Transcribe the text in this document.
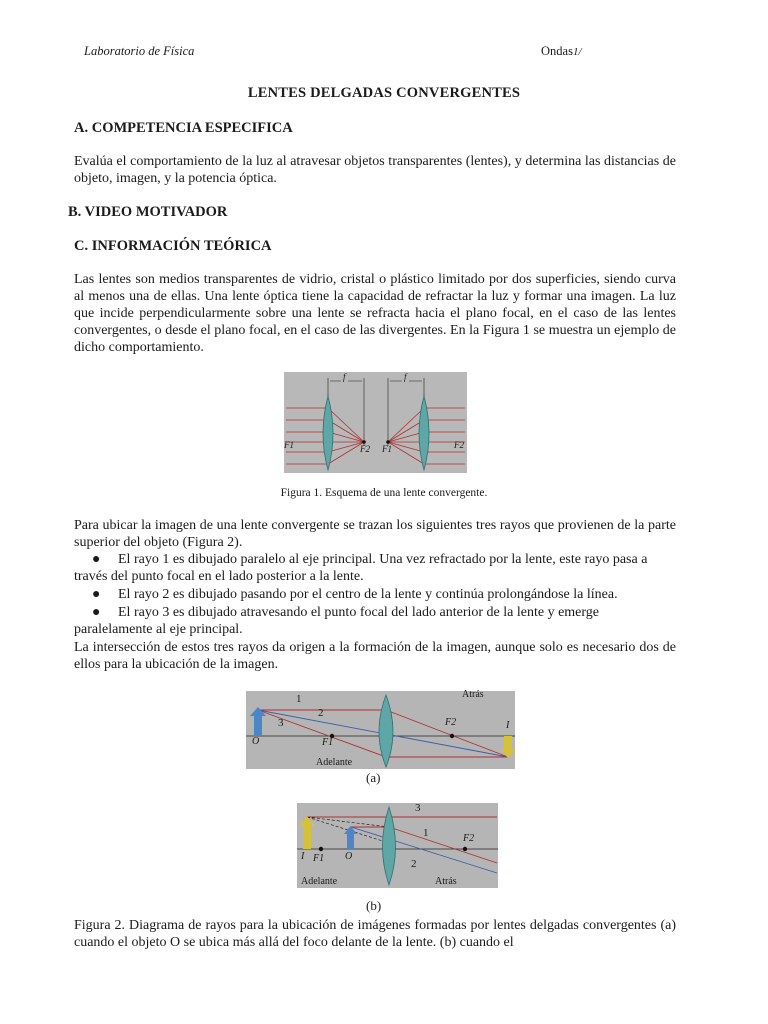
Laboratorio de Física	Ondas1/
LENTES DELGADAS CONVERGENTES
A. COMPETENCIA ESPECIFICA
Evalúa el comportamiento de la luz al atravesar objetos transparentes (lentes), y determina las distancias de objeto, imagen, y la potencia óptica.
B. VIDEO MOTIVADOR
C. INFORMACIÓN TEÓRICA
Las lentes son medios transparentes de vidrio, cristal o plástico limitado por dos superficies, siendo curva al menos una de ellas. Una lente óptica tiene la capacidad de refractar la luz y formar una imagen. La luz que incide perpendicularmente sobre una lente se refracta hacia el plano focal, en el caso de las lentes convergentes, o desde el plano focal, en el caso de las divergentes. En la Figura 1 se muestra un ejemplo de dicho comportamiento.
f	f
F1	F2 F1	F2
Figura 1. Esquema de una lente convergente.
Para ubicar la imagen de una lente convergente se trazan los siguientes tres rayos que provienen de la parte superior del objeto (Figura 2).
● El rayo 1 es dibujado paralelo al eje principal. Una vez refractado por la lente, este rayo pasa a través del punto focal en el lado posterior a la lente.
● El rayo 2 es dibujado pasando por el centro de la lente y continúa prolongándose la línea.
● El rayo 3 es dibujado atravesando el punto focal del lado anterior de la lente y emerge paralelamente al eje principal.
La intersección de estos tres rayos da origen a la formación de la imagen, aunque solo es necesario dos de ellos para la ubicación de la imagen.
Atrás
Adelante
1
2
3
O	F1
F2	I
(a)
3
1
2
I F1 O
F2
Adelante	Atrás
(b)
Figura 2. Diagrama de rayos para la ubicación de imágenes formadas por lentes delgadas convergentes (a) cuando el objeto O se ubica más allá del foco delante de la lente. (b) cuando el
